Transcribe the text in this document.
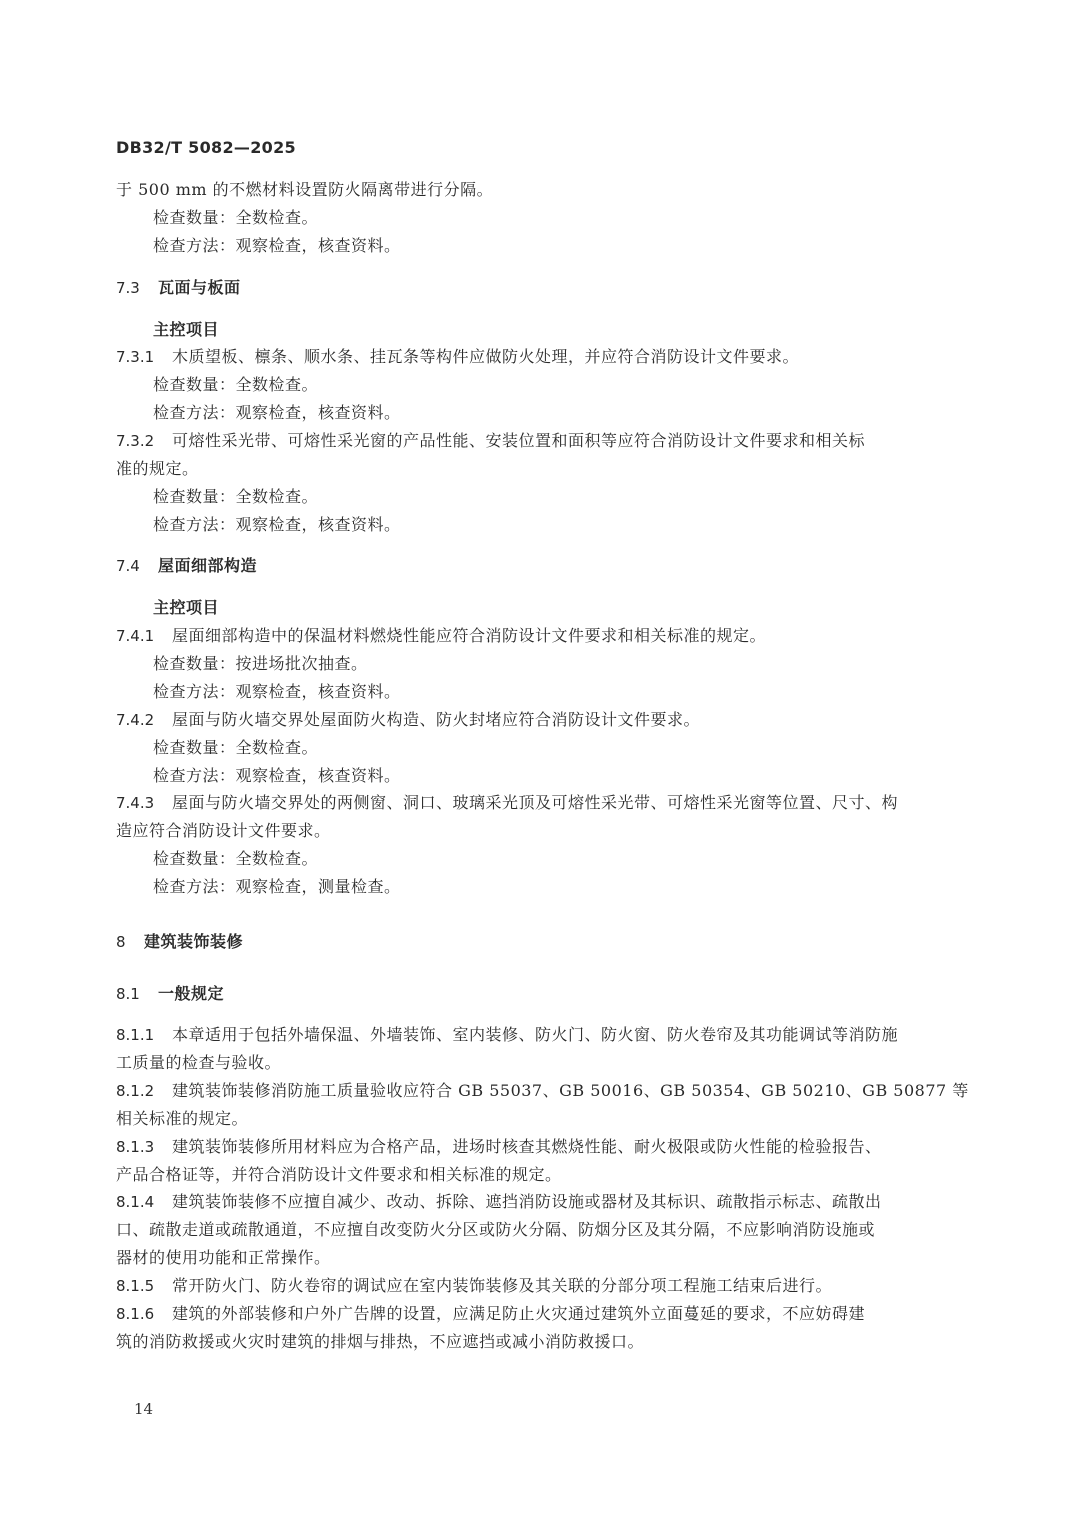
DB32/T 5082—2025
于 500 mm 的不燃材料设置防火隔离带进行分隔。
检查数量：全数检查。
检查方法：观察检查，核查资料。
7.3 瓦面与板面
主控项目
7.3.1 木质望板、檩条、顺水条、挂瓦条等构件应做防火处理，并应符合消防设计文件要求。
检查数量：全数检查。
检查方法：观察检查，核查资料。
7.3.2 可熔性采光带、可熔性采光窗的产品性能、安装位置和面积等应符合消防设计文件要求和相关标
准的规定。
检查数量：全数检查。
检查方法：观察检查，核查资料。
7.4 屋面细部构造
主控项目
7.4.1 屋面细部构造中的保温材料燃烧性能应符合消防设计文件要求和相关标准的规定。
检查数量：按进场批次抽查。
检查方法：观察检查，核查资料。
7.4.2 屋面与防火墙交界处屋面防火构造、防火封堵应符合消防设计文件要求。
检查数量：全数检查。
检查方法：观察检查，核查资料。
7.4.3 屋面与防火墙交界处的两侧窗、洞口、玻璃采光顶及可熔性采光带、可熔性采光窗等位置、尺寸、构
造应符合消防设计文件要求。
检查数量：全数检查。
检查方法：观察检查，测量检查。
8 建筑装饰装修
8.1 一般规定
8.1.1 本章适用于包括外墙保温、外墙装饰、室内装修、防火门、防火窗、防火卷帘及其功能调试等消防施
工质量的检查与验收。
8.1.2 建筑装饰装修消防施工质量验收应符合 GB 55037、GB 50016、GB 50354、GB 50210、GB 50877 等
相关标准的规定。
8.1.3 建筑装饰装修所用材料应为合格产品，进场时核查其燃烧性能、耐火极限或防火性能的检验报告、
产品合格证等，并符合消防设计文件要求和相关标准的规定。
8.1.4 建筑装饰装修不应擅自减少、改动、拆除、遮挡消防设施或器材及其标识、疏散指示标志、疏散出
口、疏散走道或疏散通道，不应擅自改变防火分区或防火分隔、防烟分区及其分隔，不应影响消防设施或
器材的使用功能和正常操作。
8.1.5 常开防火门、防火卷帘的调试应在室内装饰装修及其关联的分部分项工程施工结束后进行。
8.1.6 建筑的外部装修和户外广告牌的设置，应满足防止火灾通过建筑外立面蔓延的要求，不应妨碍建
筑的消防救援或火灾时建筑的排烟与排热，不应遮挡或减小消防救援口。
14
